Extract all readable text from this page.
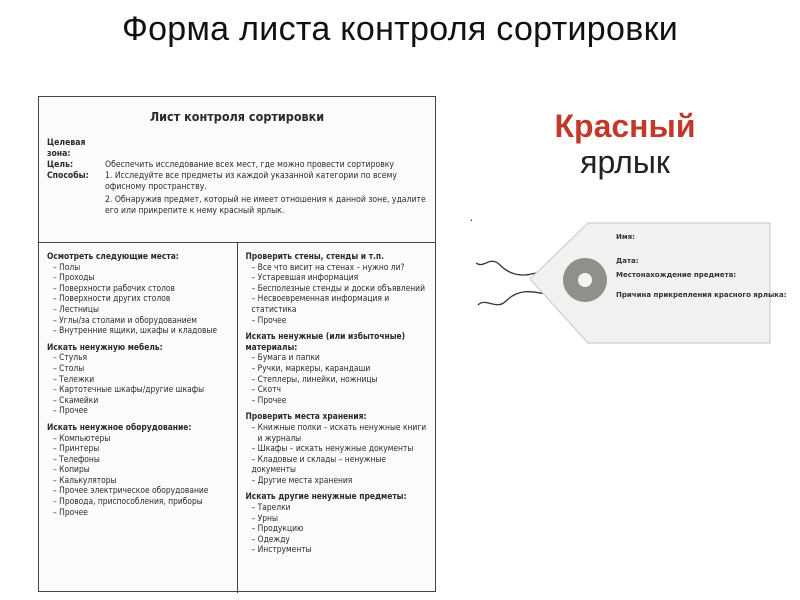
Форма листа контроля сортировки
Лист контроля сортировки
Целевая зона:
Цель:	Обеспечить исследование всех мест, где можно провести сортировку
Способы:	1. Исследуйте все предметы из каждой указанной категории по всему офисному пространству.
2. Обнаружив предмет, который не имеет отношения к данной зоне, удалите его или прикрепите к нему красный ярлык.
Осмотреть следующие места:
– Полы
– Проходы
– Поверхности рабочих столов
– Поверхности других столов
– Лестницы
– Углы/за столами и оборудованием
– Внутренние ящики, шкафы и кладовые
Искать ненужную мебель:
– Стулья
– Столы
– Тележки
– Картотечные шкафы/другие шкафы
– Скамейки
– Прочее
Искать ненужное оборудование:
– Компьютеры
– Принтеры
– Телефоны
– Копиры
– Калькуляторы
– Прочее электрическое оборудование
– Провода, приспособления, приборы
– Прочее
Проверить стены, стенды и т.п.
– Все что висит на стенах – нужно ли?
– Устаревшая информация
– Бесполезные стенды и доски объявлений
– Несвоевременная информация и статистика
– Прочее
Искать ненужные (или избыточные) материалы:
– Бумага и папки
– Ручки, маркеры, карандаши
– Степлеры, линейки, ножницы
– Скотч
– Прочее
Проверить места хранения:
– Книжные полки – искать ненужные книги
и журналы
– Шкафы – искать ненужные документы
– Кладовые и склады – ненужные документы
– Другие места хранения
Искать другие ненужные предметы:
– Тарелки
– Урны
– Продукцию
– Одежду
– Инструменты
Красный
ярлык
·
Имя:
Дата:
Местонахождение предмета:
Причина прикрепления красного ярлыка:
